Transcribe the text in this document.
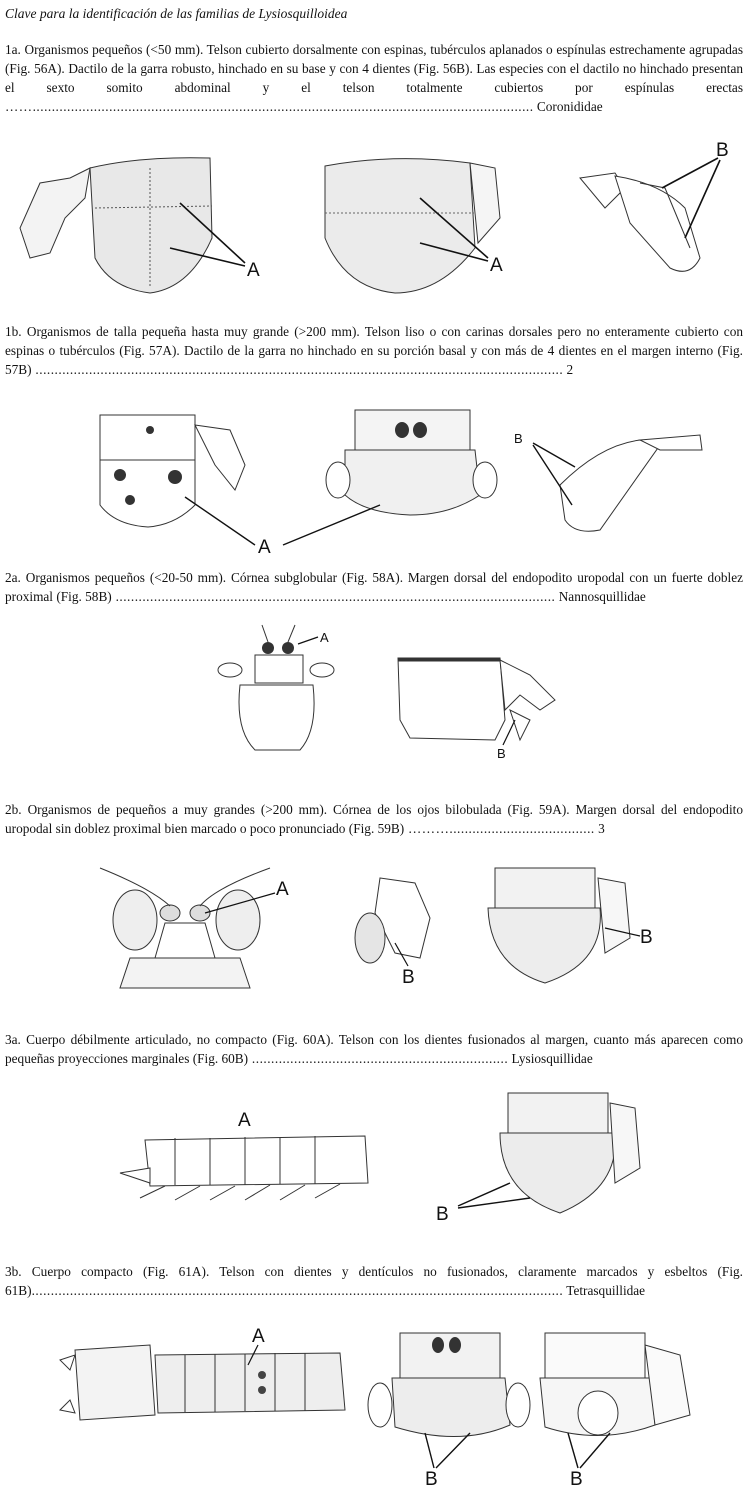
Clave para la identificación de las familias de Lysiosquilloidea
1a. Organismos pequeños (<50 mm). Telson cubierto dorsalmente con espinas, tubérculos aplanados o espínulas estrechamente agrupadas (Fig. 56A). Dactilo de la garra robusto, hinchado en su base y con 4 dientes (Fig. 56B). Las especies con el dactilo no hinchado presentan el sexto somito abdominal y el telson totalmente cubiertos por espínulas erectas ……................................................................................................................................... Coronididae
A	A
B
1b. Organismos de talla pequeña hasta muy grande (>200 mm). Telson liso o con carinas dorsales pero no enteramente cubierto con espinas o tubérculos (Fig. 57A). Dactilo de la garra no hinchado en su porción basal y con más de 4 dientes en el margen interno (Fig. 57B) .......................................................................................................................................... 2
A
B
2a. Organismos pequeños (<20-50 mm). Córnea subglobular (Fig. 58A). Margen dorsal del endopodito uropodal con un fuerte doblez proximal (Fig. 58B) ................................................................................................................... Nannosquillidae
A
B
2b. Organismos de pequeños a muy grandes (>200 mm). Córnea de los ojos bilobulada (Fig. 59A). Margen dorsal del endopodito uropodal sin doblez proximal bien marcado o poco pronunciado (Fig. 59B) ………...................................... 3
A
B
B
3a. Cuerpo débilmente articulado, no compacto (Fig. 60A). Telson con los dientes fusionados al margen, cuanto más aparecen como pequeñas proyecciones marginales (Fig. 60B) ................................................................... Lysiosquillidae
A
B
3b. Cuerpo compacto (Fig. 61A). Telson con dientes y dentículos no fusionados, claramente marcados y esbeltos (Fig. 61B)........................................................................................................................................... Tetrasquillidae
A
B	B
